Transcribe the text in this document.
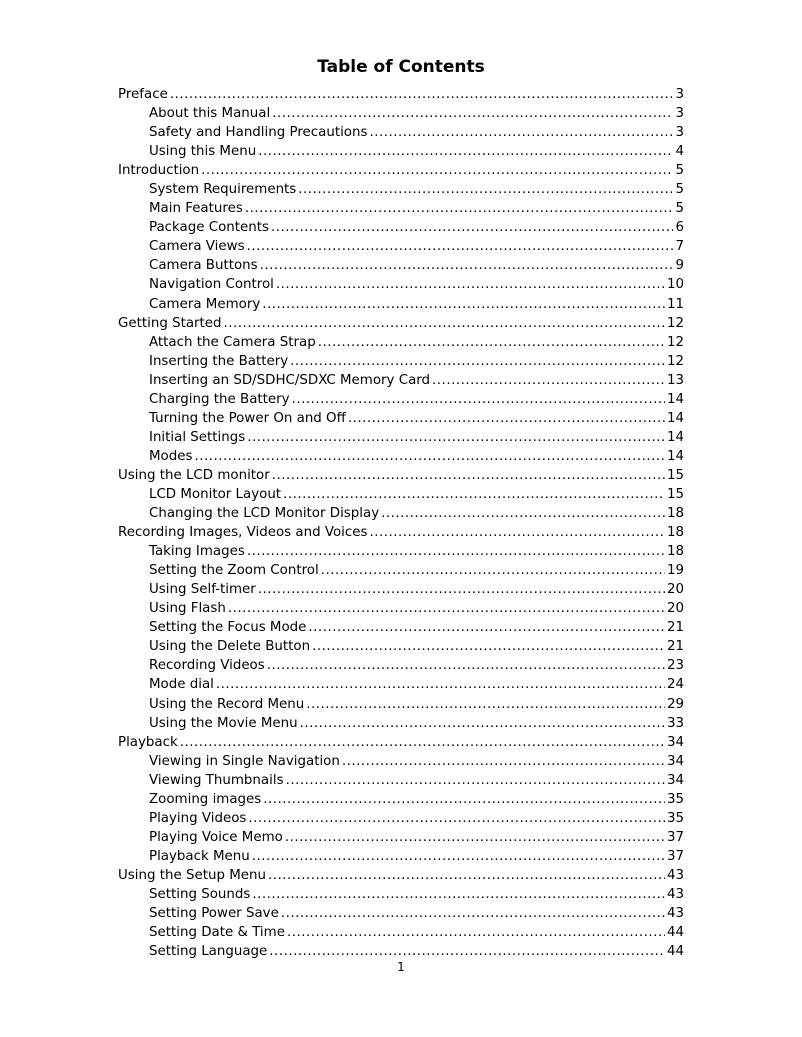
Table of Contents
Preface .....	3
About this Manual .....	3
Safety and Handling Precautions .....	3
Using this Menu .....	4
Introduction .....	5
System Requirements .....	5
Main Features .....	5
Package Contents .....	6
Camera Views .....	7
Camera Buttons .....	9
Navigation Control .....	10
Camera Memory .....	11
Getting Started .....	12
Attach the Camera Strap .....	12
Inserting the Battery .....	12
Inserting an SD/SDHC/SDXC Memory Card .....	13
Charging the Battery .....	14
Turning the Power On and Off .....	14
Initial Settings .....	14
Modes .....	14
Using the LCD monitor .....	15
LCD Monitor Layout .....	15
Changing the LCD Monitor Display .....	18
Recording Images, Videos and Voices .....	18
Taking Images .....	18
Setting the Zoom Control .....	19
Using Self-timer .....	20
Using Flash .....	20
Setting the Focus Mode .....	21
Using the Delete Button .....	21
Recording Videos .....	23
Mode dial .....	24
Using the Record Menu .....	29
Using the Movie Menu .....	33
Playback .....	34
Viewing in Single Navigation .....	34
Viewing Thumbnails .....	34
Zooming images .....	35
Playing Videos .....	35
Playing Voice Memo .....	37
Playback Menu .....	37
Using the Setup Menu .....	43
Setting Sounds .....	43
Setting Power Save .....	43
Setting Date & Time .....	44
Setting Language .....	44
1
